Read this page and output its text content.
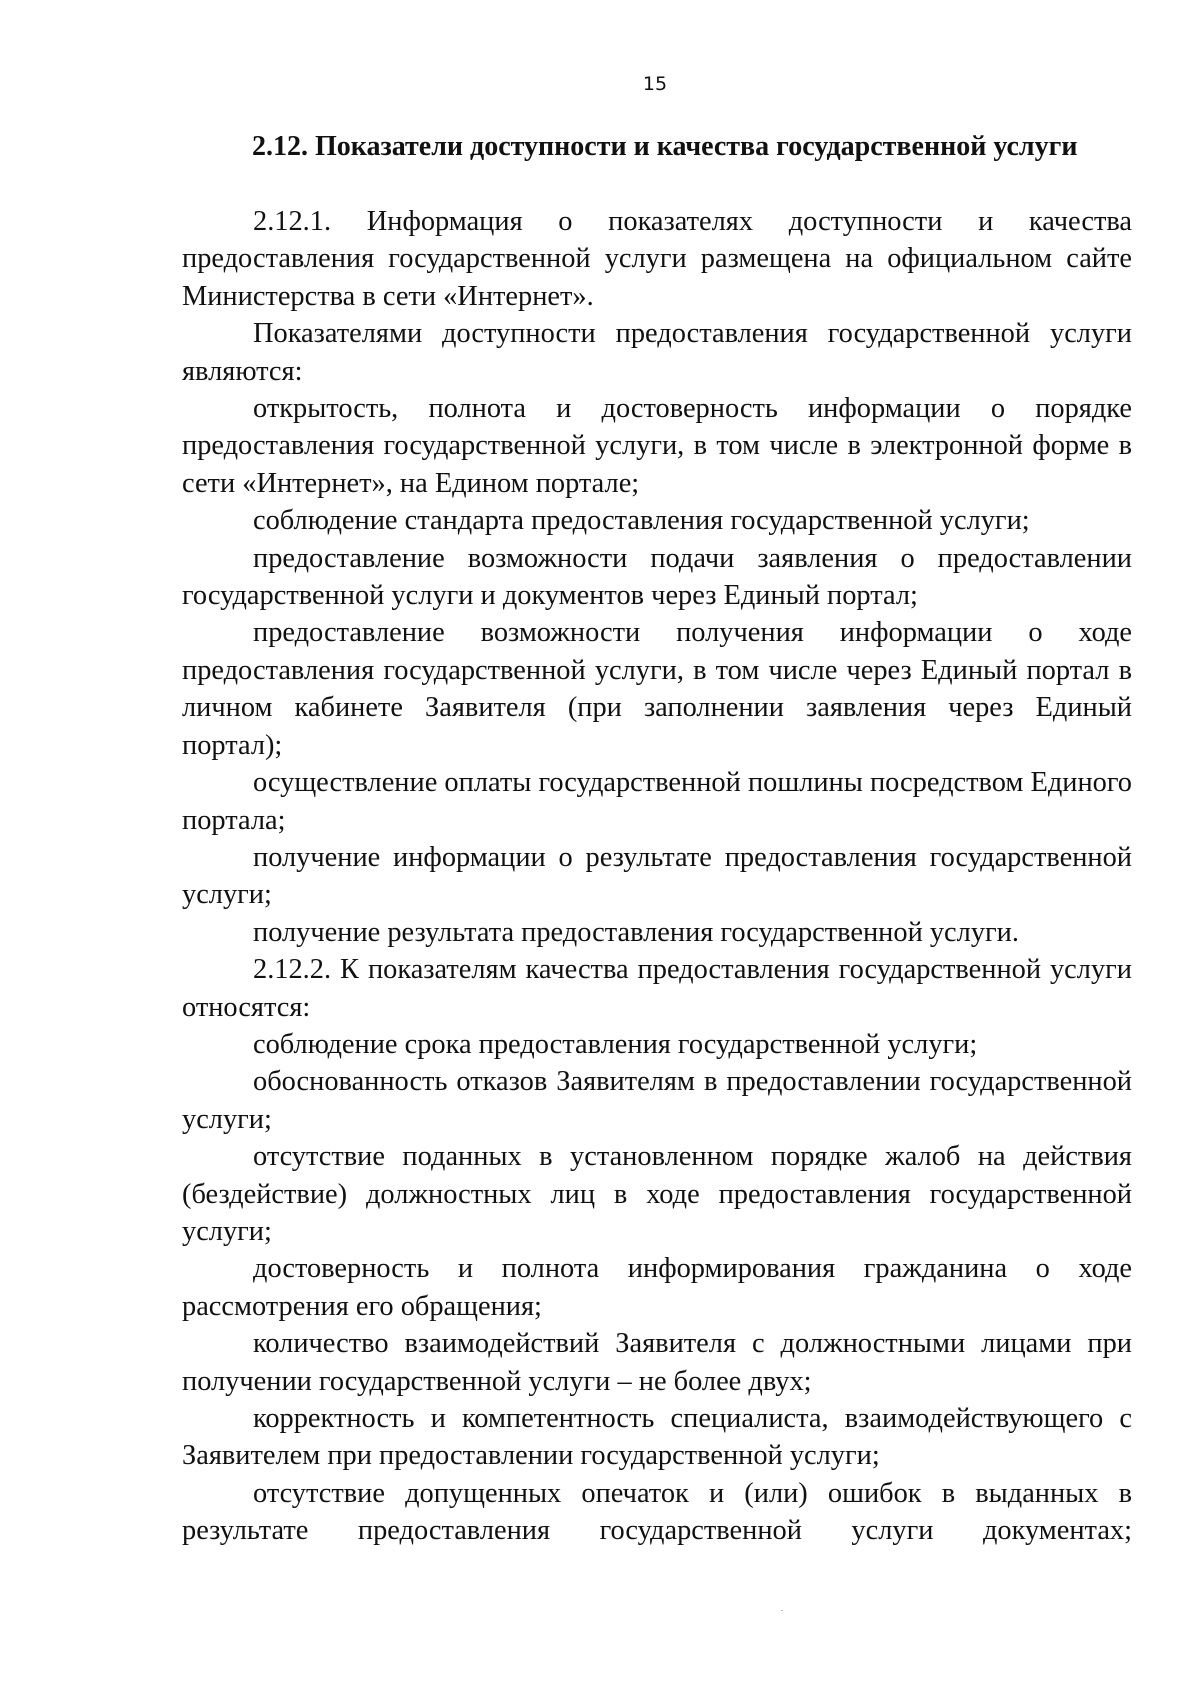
15
2.12. Показатели доступности и качества государственной услуги

2.12.1. Информация о показателях доступности и качества предоставления государственной услуги размещена на официальном сайте Министерства в сети «Интернет».

Показателями доступности предоставления государственной услуги являются:

открытость, полнота и достоверность информации о порядке предоставления государственной услуги, в том числе в электронной форме в сети «Интернет», на Едином портале;

соблюдение стандарта предоставления государственной услуги;

предоставление возможности подачи заявления о предоставлении государственной услуги и документов через Единый портал;

предоставление возможности получения информации о ходе предоставления государственной услуги, в том числе через Единый портал в личном кабинете Заявителя (при заполнении заявления через Единый портал);

осуществление оплаты государственной пошлины посредством Единого портала;

получение информации о результате предоставления государственной услуги;

получение результата предоставления государственной услуги.

2.12.2. К показателям качества предоставления государственной услуги относятся:

соблюдение срока предоставления государственной услуги;

обоснованность отказов Заявителям в предоставлении государственной услуги;

отсутствие поданных в установленном порядке жалоб на действия (бездействие) должностных лиц в ходе предоставления государственной услуги;

достоверность и полнота информирования гражданина о ходе рассмотрения его обращения;

количество взаимодействий Заявителя с должностными лицами при получении государственной услуги – не более двух;

корректность и компетентность специалиста, взаимодействующего с Заявителем при предоставлении государственной услуги;

отсутствие допущенных опечаток и (или) ошибок в выданных в результате предоставления государственной услуги документах;
